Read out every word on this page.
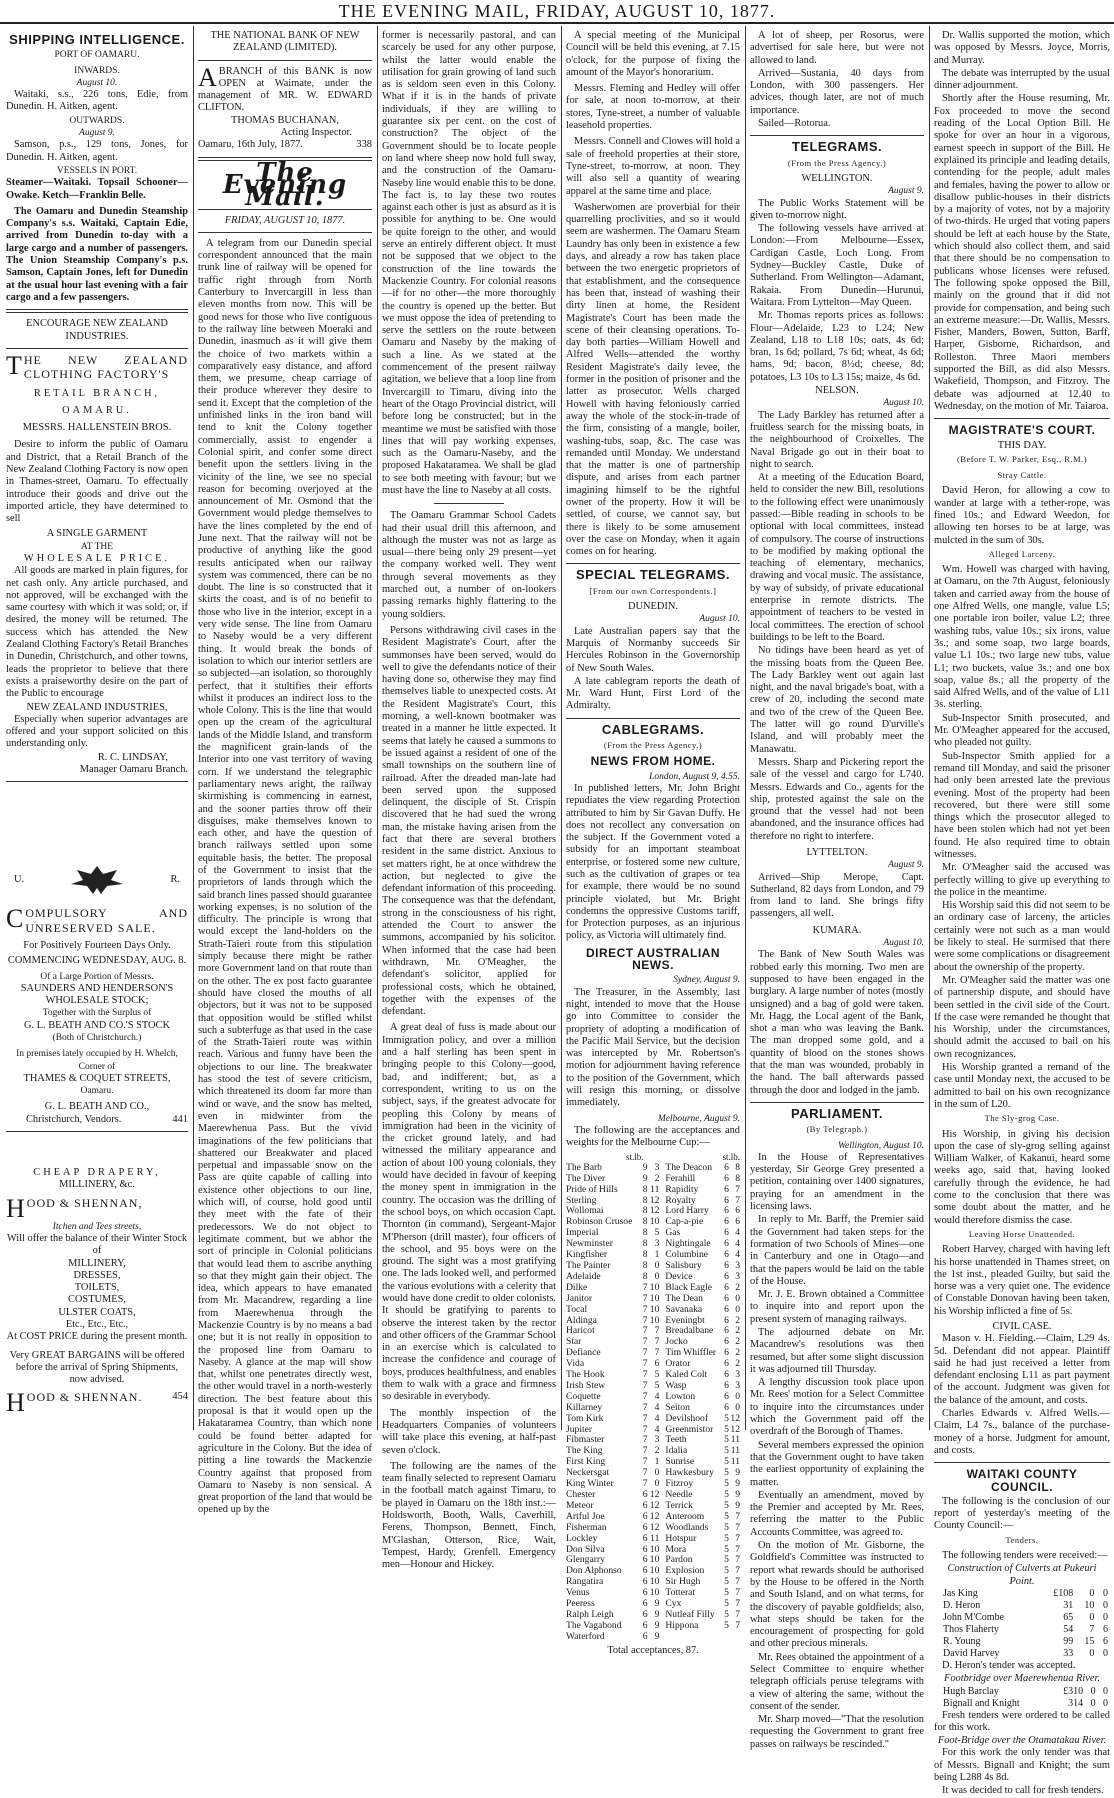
THE EVENING MAIL, FRIDAY, AUGUST 10, 1877.
SHIPPING INTELLIGENCE.
PORT OF OAMARU.
INWARDS.
August 10.

Waitaki, s.s., 226 tons, Edie, from Dunedin. H. Aitken, agent.

OUTWARDS.
August 9.

Samson, p.s., 129 tons, Jones, for Dunedin. H. Aitken, agent.

VESSELS IN PORT.

Steamer—Waitaki. Topsail Schooner—Owake. Ketch—Franklin Belle.

The Oamaru and Dunedin Steamship Company's s.s. Waitaki, Captain Edie, arrived from Dunedin to-day with a large cargo and a number of passengers. The Union Steamship Company's p.s. Samson, Captain Jones, left for Dunedin at the usual hour last evening with a fair cargo and a few passengers.

ENCOURAGE NEW ZEALAND INDUSTRIES.
THE NEW ZEALAND CLOTHING FACTORY'S
RETAIL BRANCH,
OAMARU.
MESSRS. HALLENSTEIN BROS.

Desire to inform the public of Oamaru and District, that a Retail Branch of the New Zealand Clothing Factory is now open in Thames-street, Oamaru. To effectually introduce their goods and drive out the imported article, they have determined to sell

A SINGLE GARMENT
AT THE
WHOLESALE PRICE.

All goods are marked in plain figures, for net cash only. Any article purchased, and not approved, will be exchanged with the same courtesy with which it was sold; or, if desired, the money will be returned. The success which has attended the New Zealand Clothing Factory's Retail Branches in Dunedin, Christchurch, and other towns, leads the proprietor to believe that there exists a praiseworthy desire on the part of the Public to encourage

NEW ZEALAND INDUSTRIES,

Especially when superior advantages are offered and your support solicited on this understanding only.

R. C. LINDSAY,
Manager Oamaru Branch.
U.	R.
COMPULSORY AND UNRESERVED SALE.
For Positively Fourteen Days Only.
COMMENCING WEDNESDAY, AUG. 8.
Of a Large Portion of Messrs.
SAUNDERS AND HENDERSON'S
WHOLESALE STOCK;
Together with the Surplus of
G. L. BEATH AND CO.'S STOCK
(Both of Christchurch.)
In premises lately occupied by H. Whelch, Corner of
THAMES & COQUET STREETS,
Oamaru.
G. L. BEATH AND CO.,
Christchurch, Vendors.	441
CHEAP DRAPERY,
MILLINERY, &c.
HOOD & SHENNAN,
Itchen and Tees streets,
Will offer the balance of their Winter Stock of
MILLINERY,
DRESSES,
TOILETS,
COSTUMES,
ULSTER COATS,
Etc., Etc., Etc.,
At COST PRICE during the present month.

Very GREAT BARGAINS will be offered before the arrival of Spring Shipments, now advised.

HOOD & SHENNAN.	454
THE NATIONAL BANK OF NEW ZEALAND (LIMITED).
ABRANCH of this BANK is now OPEN at Waimate, under the management of MR. W. EDWARD CLIFTON.
THOMAS BUCHANAN,
Acting Inspector.
Oamaru, 16th July, 1877.	338
The Evening Mail.
FRIDAY, AUGUST 10, 1877.

A telegram from our Dunedin special correspondent announced that the main trunk line of railway will be opened for traffic right through from North Canterbury to Invercargill in less than eleven months from now. This will be good news for those who live contiguous to the railway line between Moeraki and Dunedin, inasmuch as it will give them the choice of two markets within a comparatively easy distance, and afford them, we presume, cheap carriage of their produce wherever they desire to send it. Except that the completion of the unfinished links in the iron band will tend to knit the Colony together commercially, assist to engender a Colonial spirit, and confer some direct benefit upon the settlers living in the vicinity of the line, we see no special reason for becoming overjoyed at the announcement of Mr. Osmond that the Government would pledge themselves to have the lines completed by the end of June next. That the railway will not be productive of anything like the good results anticipated when our railway system was commenced, there can be no doubt. The line is so constructed that it skirts the coast, and is of no benefit to those who live in the interior, except in a very wide sense. The line from Oamaru to Naseby would be a very different thing. It would break the bonds of isolation to which our interior settlers are so subjected—an isolation, so thoroughly perfect, that it stultifies their efforts whilst it produces an indirect loss to the whole Colony. This is the line that would open up the cream of the agricultural lands of the Middle Island, and transform the magnificent grain-lands of the Interior into one vast territory of waving corn. If we understand the telegraphic parliamentary news aright, the railway skirmishing is commencing in earnest, and the sooner parties throw off their disguises, make themselves known to each other, and have the question of branch railways settled upon some equitable basis, the better. The proposal of the Government to insist that the proprietors of lands through which the said branch lines passed should guarantee working expenses, is no solution of the difficulty. The principle is wrong that would except the land-holders on the Strath-Taieri route from this stipulation simply because there might be rather more Government land on that route than on the other. The ex post facto guarantee should have closed the mouths of all objectors, but it was not to be supposed that opposition would be stifled whilst such a subterfuge as that used in the case of the Strath-Taieri route was within reach. Various and funny have been the objections to our line. The breakwater has stood the test of severe criticism, which threatened its doom far more than wind or wave, and the snow has melted, even in midwinter from the Maerewhenua Pass. But the vivid imaginations of the few politicians that shattered our Breakwater and placed perpetual and impassable snow on the Pass are quite capable of calling into existence other objections to our line, which will, of course, hold good until they meet with the fate of their predecessors. We do not object to legitimate comment, but we abhor the sort of principle in Colonial politicians that would lead them to ascribe anything so that they might gain their object. The idea, which appears to have emanated from Mr. Macandrew, regarding a line from Maerewhenua through the Mackenzie Country is by no means a bad one; but it is not really in opposition to the proposed line from Oamaru to Naseby. A glance at the map will show that, whilst one penetrates directly west, the other would travel in a north-westerly direction. The best feature about this proposal is that it would open up the Hakataramea Country, than which none could be found better adapted for agriculture in the Colony. But the idea of pitting a line towards the Mackenzie Country against that proposed from Oamaru to Naseby is non sensical. A great proportion of the land that would be opened up by the

former is necessarily pastoral, and can scarcely be used for any other purpose, whilst the latter would enable the utilisation for grain growing of land such as is seldom seen even in this Colony. What if it is in the hands of private individuals, if they are willing to guarantee six per cent. on the cost of construction? The object of the Government should be to locate people on land where sheep now hold full sway, and the construction of the Oamaru-Naseby line would enable this to be done. The fact is, to lay these two routes against each other is just as absurd as it is possible for anything to be. One would be quite foreign to the other, and would serve an entirely different object. It must not be supposed that we object to the construction of the line towards the Mackenzie Country. For colonial reasons—if for no other—the more thoroughly the country is opened up the better. But we must oppose the idea of pretending to serve the settlers on the route between Oamaru and Naseby by the making of such a line. As we stated at the commencement of the present railway agitation, we believe that a loop line from Invercargill to Timaru, diving into the heart of the Otago Provincial district, will before long be constructed; but in the meantime we must be satisfied with those lines that will pay working expenses, such as the Oamaru-Naseby, and the proposed Hakataramea. We shall be glad to see both meeting with favour; but we must have the line to Naseby at all costs.

The Oamaru Grammar School Cadets had their usual drill this afternoon, and although the muster was not as large as usual—there being only 29 present—yet the company worked well. They went through several movements as they marched out, a number of on-lookers passing remarks highly flattering to the young soldiers.

Persons withdrawing civil cases in the Resident Magistrate's Court, after the summonses have been served, would do well to give the defendants notice of their having done so, otherwise they may find themselves liable to unexpected costs. At the Resident Magistrate's Court, this morning, a well-known bootmaker was treated in a manner he little expected. It seems that lately he caused a summons to be issued against a resident of one of the small townships on the southern line of railroad. After the dreaded man-late had been served upon the supposed delinquent, the disciple of St. Crispin discovered that he had sued the wrong man, the mistake having arisen from the fact that there are several brothers resident in the same district. Anxious to set matters right, he at once withdrew the action, but neglected to give the defendant information of this proceeding. The consequence was that the defendant, strong in the consciousness of his right, attended the Court to answer the summons, accompanied by his solicitor. When informed that the case had been withdrawn, Mr. O'Meagher, the defendant's solicitor, applied for professional costs, which he obtained, together with the expenses of the defendant.

A great deal of fuss is made about our Immigration policy, and over a million and a half sterling has been spent in bringing people to this Colony—good, bad, and indifferent; but, as a correspondent, writing to us on the subject, says, if the greatest advocate for peopling this Colony by means of immigration had been in the vicinity of the cricket ground lately, and had witnessed the military appearance and action of about 100 young colonials, they would have decided in favour of keeping the money spent in immigration in the country. The occasion was the drilling of the school boys, on which occasion Capt. Thornton (in command), Sergeant-Major M'Pherson (drill master), four officers of the school, and 95 boys were on the ground. The sight was a most gratifying one. The lads looked well, and performed the various evolutions with a celerity that would have done credit to older colonists. It should be gratifying to parents to observe the interest taken by the rector and other officers of the Grammar School in an exercise which is calculated to increase the confidence and courage of boys, produces healthfulness, and enables them to walk with a grace and firmness so desirable in everybody.

The monthly inspection of the Headquarters Companies of volunteers will take place this evening, at half-past seven o'clock.

The following are the names of the team finally selected to represent Oamaru in the football match against Timaru, to be played in Oamaru on the 18th inst.:—Holdsworth, Booth, Walls, Caverhill, Ferens, Thompson, Bennett, Finch, M'Glashan, Otterson, Rice, Wait, Tempest, Hardy, Grenfell. Emergency men—Honour and Hickey.

A special meeting of the Municipal Council will be held this evening, at 7.15 o'clock, for the purpose of fixing the amount of the Mayor's honorarium.

Messrs. Fleming and Hedley will offer for sale, at noon to-morrow, at their stores, Tyne-street, a number of valuable leasehold properties.

Messrs. Connell and Clowes will hold a sale of freehold properties at their store, Tyne-street, to-morrow, at noon. They will also sell a quantity of wearing apparel at the same time and place.

Washerwomen are proverbial for their quarrelling proclivities, and so it would seem are washermen. The Oamaru Steam Laundry has only been in existence a few days, and already a row has taken place between the two energetic proprietors of that establishment, and the consequence has been that, instead of washing their dirty linen at home, the Resident Magistrate's Court has been made the scene of their cleansing operations. To-day both parties—William Howell and Alfred Wells—attended the worthy Resident Magistrate's daily levee, the former in the position of prisoner and the latter as prosecutor. Wells charged Howell with having feloniously carried away the whole of the stock-in-trade of the firm, consisting of a mangle, boiler, washing-tubs, soap, &c. The case was remanded until Monday. We understand that the matter is one of partnership dispute, and arises from each partner imagining himself to be the rightful owner of the property. How it will be settled, of course, we cannot say, but there is likely to be some amusement over the case on Monday, when it again comes on for hearing.

SPECIAL TELEGRAMS.
[From our own Correspondents.]
DUNEDIN.
August 10.

Late Australian papers say that the Marquis of Normanby succeeds Sir Hercules Robinson in the Governorship of New South Wales.

A late cablegram reports the death of Mr. Ward Hunt, First Lord of the Admiralty.

CABLEGRAMS.
(From the Press Agency.)
NEWS FROM HOME.
London, August 9, 4.55.

In published letters, Mr. John Bright repudiates the view regarding Protection attributed to him by Sir Gavan Duffy. He does not recollect any conversation on the subject. If the Government voted a subsidy for an important steamboat enterprise, or fostered some new culture, such as the cultivation of grapes or tea for example, there would be no sound principle violated, but Mr. Bright condemns the oppressive Customs tariff, for Protection purposes, as an injurious policy, as Victoria will ultimately find.

DIRECT AUSTRALIAN NEWS.
Sydney, August 9.

The Treasurer, in the Assembly, last night, intended to move that the House go into Committee to consider the propriety of adopting a modification of the Pacific Mail Service, but the decision was intercepted by Mr. Robertson's motion for adjournment having reference to the position of the Government, which will resign this morning, or dissolve immediately.

Melbourne, August 9.

The following are the acceptances and weights for the Melbourne Cup:—

st.lb.	st.lb.
The Barb	9	3	The Deacon	6	8
The Diver	9	2	Ferahill	6	8
Pride of Hills	8	11	Rapidity	6	7
Sterling	8	12	Royalty	6	7
Wollomai	8	12	Lord Harry	6	6
Robinson Crusoe	8	10	Cap-a-pie	6	6
Imperial	8	5	Gas	6	4
Newminster	8	3	Nightingale	6	4
Kingfisher	8	1	Columbine	6	4
The Painter	8	0	Salisbury	6	3
Adelaide	8	0	Device	6	3
Dilke	7	10	Black Eagle	6	2
Janitor	7	10	The Dean	6	0
Tocal	7	10	Savanaka	6	0
Aldinga	7	10	Eveningbt	6	2
Haricot	7	7	Breadalbane	6	2
Star	7	7	Jocko	6	2
Defiance	7	7	Tim Whiffler	6	2
Vida	7	6	Orator	6	2
The Hook	7	5	Kaled Colt	6	3
Irish Stew	7	5	Wasp	6	3
Coquette	7	4	Lowton	6	0
Killarney	7	4	Seiton	6	0
Tom Kirk	7	4	Devilshoof	5	12
Jupiter	7	4	Greenmistor	5	12
Fibmaster	7	3	Teeth	5	11
The King	7	2	Idalia	5	11
First King	7	1	Sunrise	5	11
Neckersgat	7	0	Hawkesbury	5	9
King Winter	7	0	Fitzroy	5	9
Chester	6	12	Needle	5	9
Meteor	6	12	Terrick	5	9
Artful Joe	6	12	Anteroom	5	7
Fisherman	6	12	Woodlands	5	7
Lockley	6	11	Hotspur	5	7
Don Silva	6	10	Mora	5	7
Glengarry	6	10	Pardon	5	7
Don Alphonso	6	10	Explosion	5	7
Rangatira	6	10	Sir Hugh	5	7
Venus	6	10	Totterat	5	7
Peeress	6	9	Cyx	5	7
Ralph Leigh	6	9	Nutleaf Filly	5	7
The Vagabond	6	9	Hippona	5	7
Waterford	6	9			
Total acceptances, 87.

A lot of sheep, per Rosorus, were advertised for sale here, but were not allowed to land.

Arrived—Sustania, 40 days from London, with 300 passengers. Her advices, though later, are not of much importance.

Sailed—Rotorua.

TELEGRAMS.
(From the Press Agency.)
WELLINGTON.
August 9.

The Public Works Statement will be given to-morrow night.

The following vessels have arrived at London:—From Melbourne—Essex, Cardigan Castle, Loch Long. From Sydney—Buckley Castle, Duke of Sutherland. From Wellington—Adamant, Rakaia. From Dunedin—Hurunui, Waitara. From Lyttelton—May Queen.

Mr. Thomas reports prices as follows: Flour—Adelaide, L23 to L24; New Zealand, L18 to L18 10s; oats, 4s 6d; bran, 1s 6d; pollard, 7s 6d; wheat, 4s 6d; hams, 9d; bacon, 8½d; cheese, 8d; potatoes, L3 10s to L3 15s; maize, 4s 6d.

NELSON.
August 10.

The Lady Barkley has returned after a fruitless search for the missing boats, in the neighbourhood of Croixelles. The Naval Brigade go out in their boat to night to search.

At a meeting of the Education Board, held to consider the new Bill, resolutions to the following effect were unanimously passed:—Bible reading in schools to be optional with local committees, instead of compulsory. The course of instructions to be modified by making optional the teaching of elementary, mechanics, drawing and vocal music. The assistance, by way of subsidy, of private educational enterprise in remote districts. The appointment of teachers to be vested in local committees. The erection of school buildings to be left to the Board.

No tidings have been heard as yet of the missing boats from the Queen Bee. The Lady Barkley went out again last night, and the naval brigade's boat, with a crew of 20, including the second mate and two of the crew of the Queen Bee. The latter will go round D'urville's Island, and will probably meet the Manawatu.

Messrs. Sharp and Pickering report the sale of the vessel and cargo for L740. Messrs. Edwards and Co., agents for the ship, protested against the sale on the ground that the vessel had not been abandoned, and the insurance offices had therefore no right to interfere.

LYTTELTON.
August 9.

Arrived—Ship Merope, Capt. Sutherland, 82 days from London, and 79 from land to land. She brings fifty passengers, all well.

KUMARA.
August 10.

The Bank of New South Wales was robbed early this morning. Two men are supposed to have been engaged in the burglary. A large number of notes (mostly unsigned) and a bag of gold were taken. Mr. Hagg, the Local agent of the Bank, shot a man who was leaving the Bank. The man dropped some gold, and a quantity of blood on the stones shows that the man was wounded, probably in the hand. The ball afterwards passed through the door and lodged in the jamb.

PARLIAMENT.
(By Telegraph.)
Wellington, August 10.

In the House of Representatives yesterday, Sir George Grey presented a petition, containing over 1400 signatures, praying for an amendment in the licensing laws.

In reply to Mr. Barff, the Premier said the Government had taken steps for the formation of two Schools of Mines—one in Canterbury and one in Otago—and that the papers would be laid on the table of the House.

Mr. J. E. Brown obtained a Committee to inquire into and report upon the present system of managing railways.

The adjourned debate on Mr. Macandrew's resolutions was then resumed, but after some slight discussion it was adjourned till Thursday.

A lengthy discussion took place upon Mr. Rees' motion for a Select Committee to inquire into the circumstances under which the Government paid off the overdraft of the Borough of Thames.

Several members expressed the opinion that the Government ought to have taken the earliest opportunity of explaining the matter.

Eventually an amendment, moved by the Premier and accepted by Mr. Rees, referring the matter to the Public Accounts Committee, was agreed to.

On the motion of Mr. Gisborne, the Goldfield's Committee was instructed to report what rewards should be authorised by the House to be offered in the North and South Island, and on what terms, for the discovery of payable goldfields; also, what steps should be taken for the encouragement of prospecting for gold and other precious minerals.

Mr. Rees obtained the appointment of a Select Committee to enquire whether telegraph officials peruse telegrams with a view of altering the same, without the consent of the sender.

Mr. Sharp moved—"That the resolution requesting the Government to grant free passes on railways be rescinded."

Dr. Wallis supported the motion, which was opposed by Messrs. Joyce, Morris, and Murray.

The debate was interrupted by the usual dinner adjournment.

Shortly after the House resuming, Mr. Fox proceeded to move the second reading of the Local Option Bill. He spoke for over an hour in a vigorous, earnest speech in support of the Bill. He explained its principle and leading details, contending for the people, adult males and females, having the power to allow or disallow public-houses in their districts by a majority of votes, not by a majority of two-thirds. He urged that voting papers should be left at each house by the State, which should also collect them, and said that there should be no compensation to publicans whose licenses were refused. The following spoke opposed the Bill, mainly on the ground that it did not provide for compensation, and being such an extreme measure:—Dr. Wallis, Messrs. Fisher, Manders, Bowen, Sutton, Barff, Harper, Gisborne, Richardson, and Rolleston. Three Maori members supported the Bill, as did also Messrs. Wakefield, Thompson, and Fitzroy. The debate was adjourned at 12.40 to Wednesday, on the motion of Mr. Taiaroa.

MAGISTRATE'S COURT.
THIS DAY.
(Before T. W. Parker, Esq., R.M.)
Stray Cattle.

David Heron, for allowing a cow to wander at large with a tether-rope, was fined 10s.; and Edward Weedon, for allowing ten horses to be at large, was mulcted in the sum of 30s.

Alleged Larceny.

Wm. Howell was charged with having, at Oamaru, on the 7th August, feloniously taken and carried away from the house of one Alfred Wells, one mangle, value L5; one portable iron boiler, value L2; three washing tubs, value 10s.; six irons, value 3s.; and some soap, two large boards, value L1 10s.; two large new tubs, value L1; two buckets, value 3s.; and one box soap, value 8s.; all the property of the said Alfred Wells, and of the value of L11 3s. sterling.

Sub-Inspector Smith prosecuted, and Mr. O'Meagher appeared for the accused, who pleaded not guilty.

Sub-Inspector Smith applied for a remand till Monday, and said the prisoner had only been arrested late the previous evening. Most of the property had been recovered, but there were still some things which the prosecutor alleged to have been stolen which had not yet been found. He also required time to obtain witnesses.

Mr. O'Meagher said the accused was perfectly willing to give up everything to the police in the meantime.

His Worship said this did not seem to be an ordinary case of larceny, the articles certainly were not such as a man would be likely to steal. He surmised that there were some complications or disagreement about the ownership of the property.

Mr. O'Meagher said the matter was one of partnership dispute, and should have been settled in the civil side of the Court. If the case were remanded he thought that his Worship, under the circumstances, should admit the accused to bail on his own recognizances.

His Worship granted a remand of the case until Monday next, the accused to be admitted to bail on his own recognizance in the sum of L20.

The Sly-grog Case.

His Worship, in giving his decision upon the case of sly-grog selling against William Walker, of Kakanui, heard some weeks ago, said that, having looked carefully through the evidence, he had come to the conclusion that there was some doubt about the matter, and he would therefore dismiss the case.

Leaving Horse Unattended.

Robert Harvey, charged with having left his horse unattended in Thames street, on the 1st inst., pleaded Guilty, but said the horse was a very quiet one. The evidence of Constable Donovan having been taken, his Worship inflicted a fine of 5s.

CIVIL CASE.

Mason v. H. Fielding.—Claim, L29 4s. 5d. Defendant did not appear. Plaintiff said he had just received a letter from defendant enclosing L11 as part payment of the account. Judgment was given for the balance of the amount, and costs.

Charles Edwards v. Alfred Wells.—Claim, L4 7s., balance of the purchase-money of a horse. Judgment for amount, and costs.

WAITAKI COUNTY COUNCIL.

The following is the conclusion of our report of yesterday's meeting of the County Council:—

Tenders.

The following tenders were received:—

Construction of Culverts at Pukeuri Point.
Jas King	£108	0	0
D. Heron	31	10	0
John M'Combe	65	0	0
Thos Flaherty	54	7	6
R. Young	99	15	6
David Harvey	33	0	0

D. Heron's tender was accepted.

Footbridge over Maerewhenua River.
Hugh Barclay	£310	0	0
Bignall and Knight	314	0	0

Fresh tenders were ordered to be called for this work.

Foot-Bridge over the Otamatakau River.

For this work the only tender was that of Messrs. Bignall and Knight; the sum being L288 4s 8d.

It was decided to call for fresh tenders.
